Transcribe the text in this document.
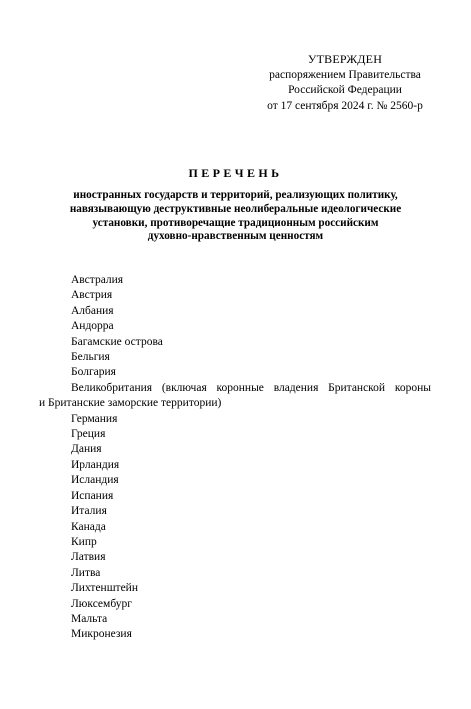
УТВЕРЖДЕН
распоряжением Правительства
Российской Федерации
от 17 сентября 2024 г. № 2560-р
ПЕРЕЧЕНЬ
иностранных государств и территорий, реализующих политику,
навязывающую деструктивные неолиберальные идеологические
установки, противоречащие традиционным российским
духовно-нравственным ценностям
Австралия
Австрия
Албания
Андорра
Багамские острова
Бельгия
Болгария
Великобритания (включая коронные владения Британской короны
и Британские заморские территории)
Германия
Греция
Дания
Ирландия
Исландия
Испания
Италия
Канада
Кипр
Латвия
Литва
Лихтенштейн
Люксембург
Мальта
Микронезия
